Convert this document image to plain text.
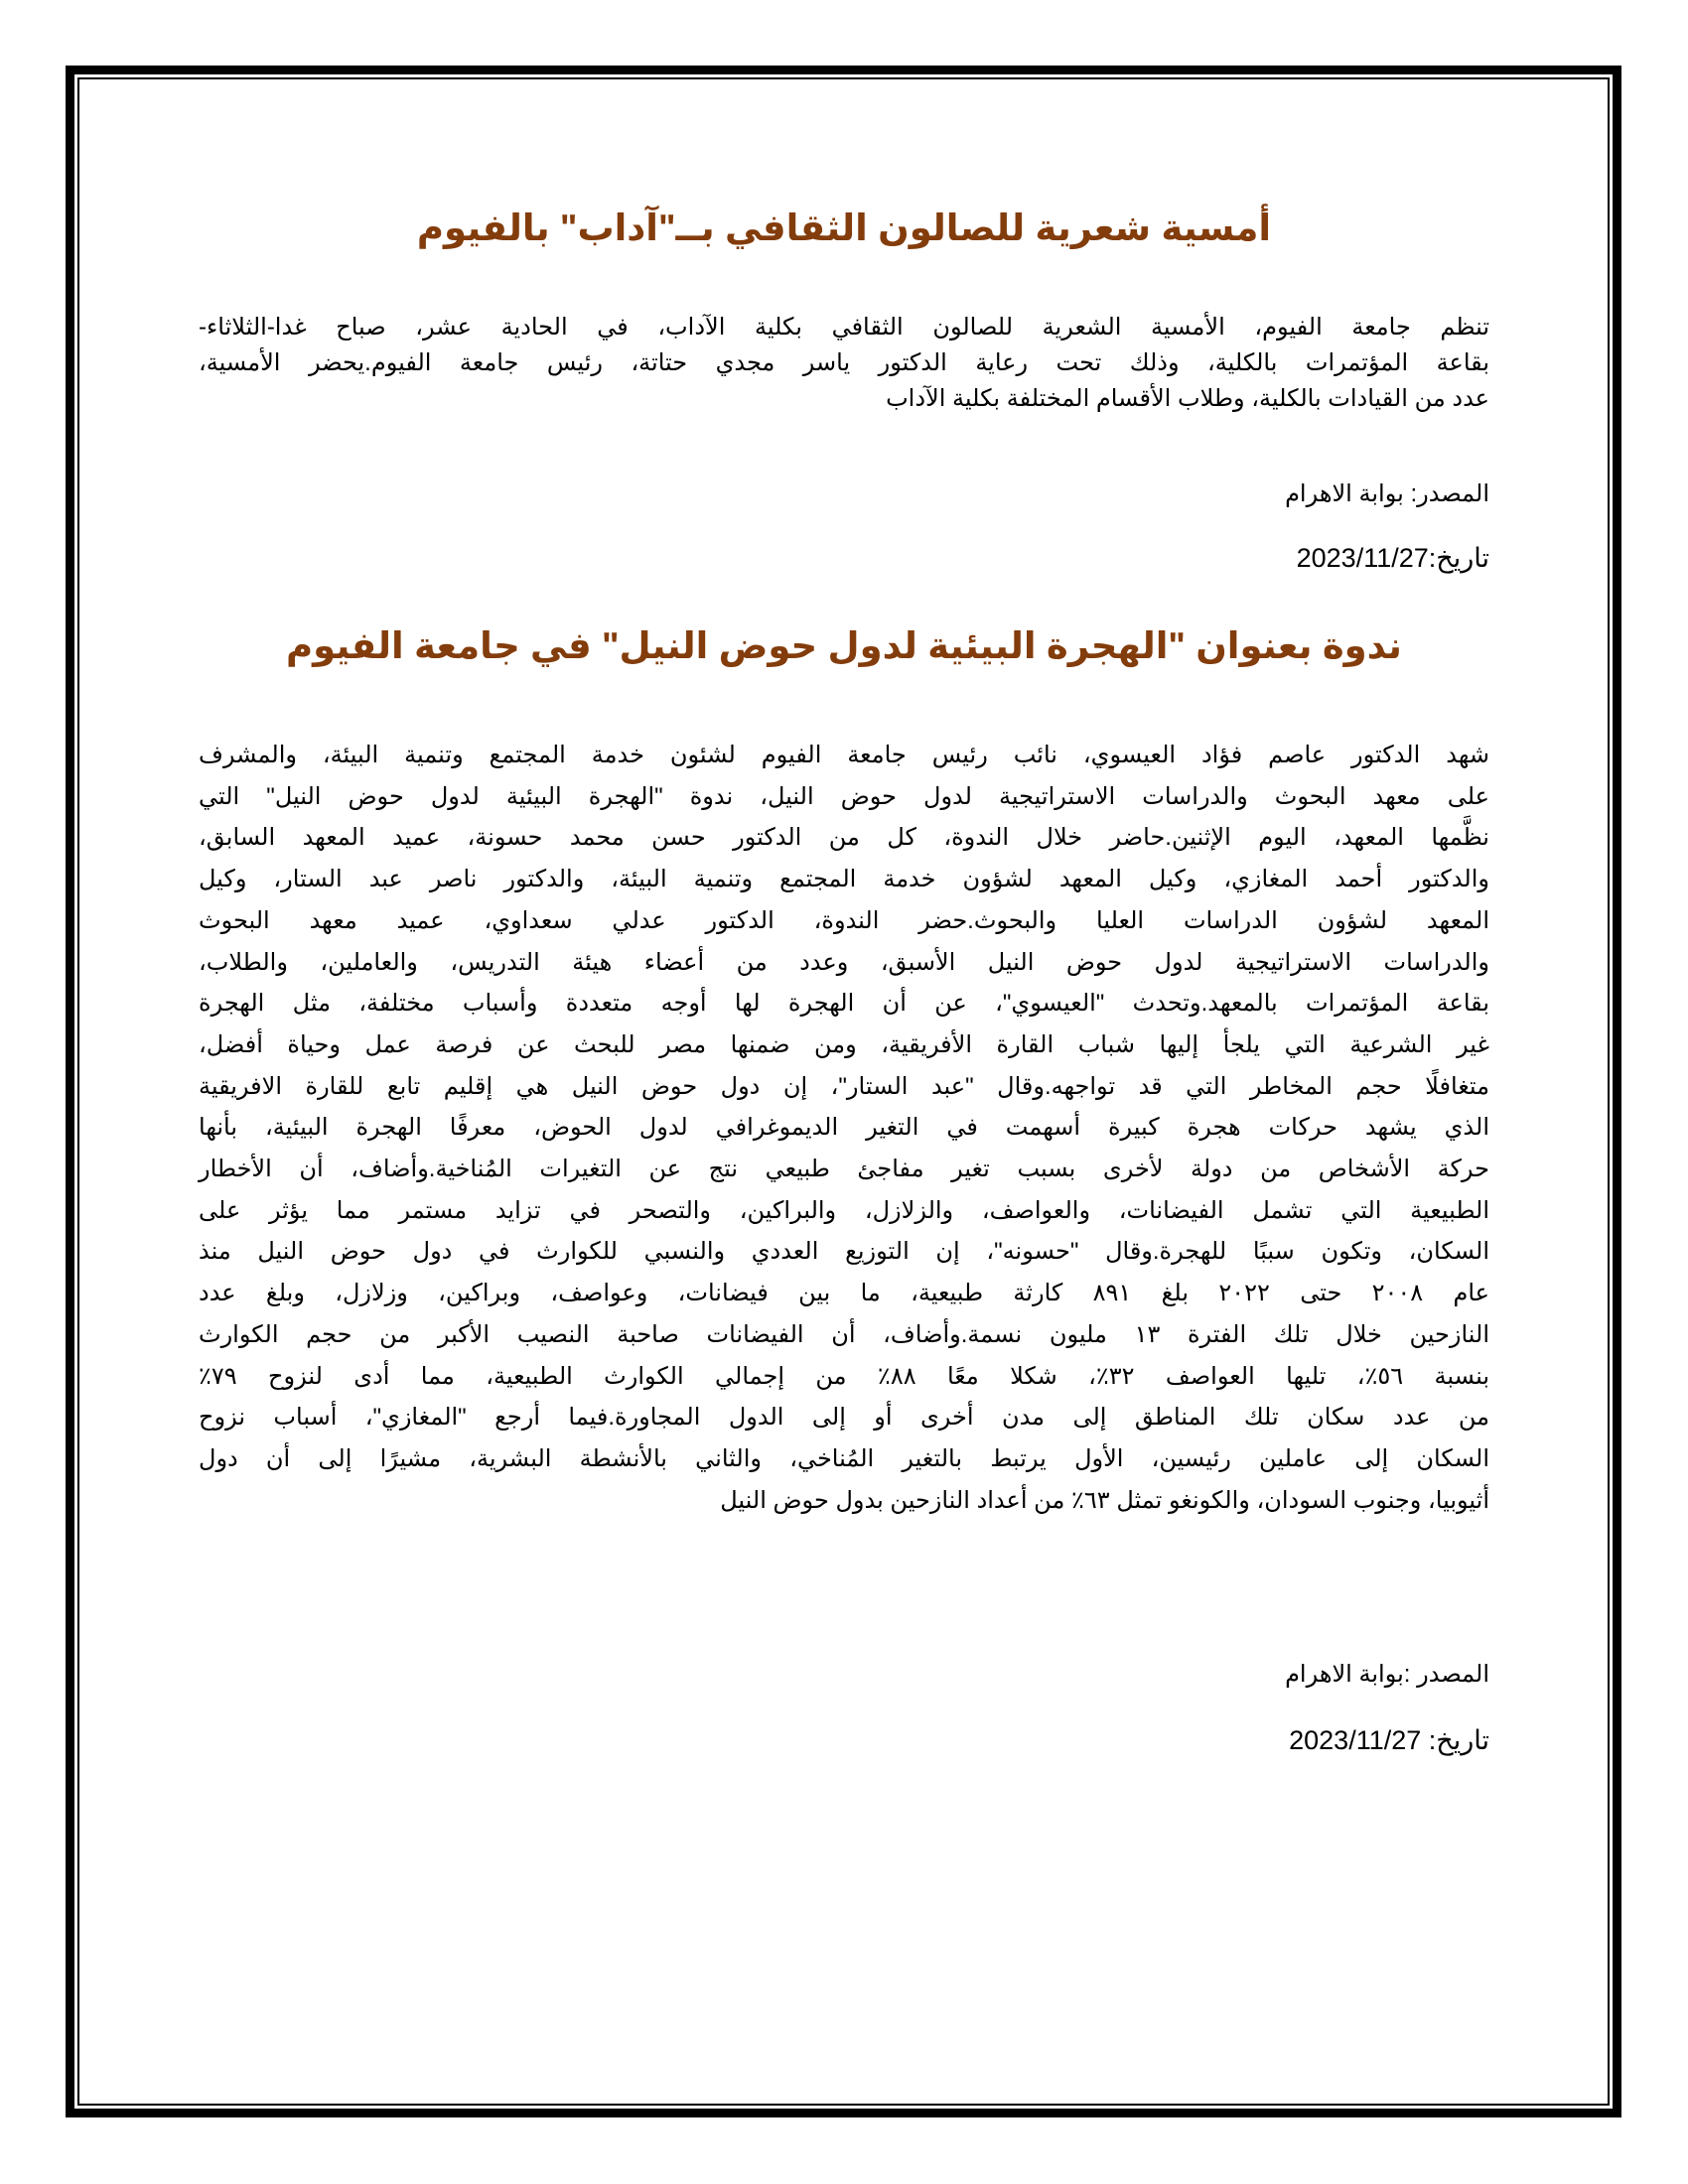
أمسية شعرية للصالون الثقافي بــ"آداب" بالفيوم
تنظم جامعة الفيوم، الأمسية الشعرية للصالون الثقافي بكلية الآداب، في الحادية عشر، صباح غدا-الثلاثاء-
بقاعة المؤتمرات بالكلية، وذلك تحت رعاية الدكتور ياسر مجدي حتاتة، رئيس جامعة الفيوم.يحضر الأمسية،
عدد من القيادات بالكلية، وطلاب الأقسام المختلفة بكلية الآداب
المصدر: بوابة الاهرام
تاريخ:2023/11/27
ندوة بعنوان "الهجرة البيئية لدول حوض النيل" في جامعة الفيوم
شهد الدكتور عاصم فؤاد العيسوي، نائب رئيس جامعة الفيوم لشئون خدمة المجتمع وتنمية البيئة، والمشرف
على معهد البحوث والدراسات الاستراتيجية لدول حوض النيل، ندوة "الهجرة البيئية لدول حوض النيل" التي
نظَّمها المعهد، اليوم الإثنين.حاضر خلال الندوة، كل من الدكتور حسن محمد حسونة، عميد المعهد السابق،
والدكتور أحمد المغازي، وكيل المعهد لشؤون خدمة المجتمع وتنمية البيئة، والدكتور ناصر عبد الستار، وكيل
المعهد لشؤون الدراسات العليا والبحوث.حضر الندوة، الدكتور عدلي سعداوي، عميد معهد البحوث
والدراسات الاستراتيجية لدول حوض النيل الأسبق، وعدد من أعضاء هيئة التدريس، والعاملين، والطلاب،
بقاعة المؤتمرات بالمعهد.وتحدث "العيسوي"، عن أن الهجرة لها أوجه متعددة وأسباب مختلفة، مثل الهجرة
غير الشرعية التي يلجأ إليها شباب القارة الأفريقية، ومن ضمنها مصر للبحث عن فرصة عمل وحياة أفضل،
متغافلًا حجم المخاطر التي قد تواجهه.وقال "عبد الستار"، إن دول حوض النيل هي إقليم تابع للقارة الافريقية
الذي يشهد حركات هجرة كبيرة أسهمت في التغير الديموغرافي لدول الحوض، معرفًا الهجرة البيئية، بأنها
حركة الأشخاص من دولة لأخرى بسبب تغير مفاجئ طبيعي نتج عن التغيرات المُناخية.وأضاف، أن الأخطار
الطبيعية التي تشمل الفيضانات، والعواصف، والزلازل، والبراكين، والتصحر في تزايد مستمر مما يؤثر على
السكان، وتكون سببًا للهجرة.وقال "حسونه"، إن التوزيع العددي والنسبي للكوارث في دول حوض النيل منذ
عام ٢٠٠٨ حتى ٢٠٢٢ بلغ ٨٩١ كارثة طبيعية، ما بين فيضانات، وعواصف، وبراكين، وزلازل، وبلغ عدد
النازحين خلال تلك الفترة ١٣ مليون نسمة.وأضاف، أن الفيضانات صاحبة النصيب الأكبر من حجم الكوارث
بنسبة ٥٦٪، تليها العواصف ٣٢٪، شكلا معًا ٨٨٪ من إجمالي الكوارث الطبيعية، مما أدى لنزوح ٧٩٪
من عدد سكان تلك المناطق إلى مدن أخرى أو إلى الدول المجاورة.فيما أرجع "المغازي"، أسباب نزوح
السكان إلى عاملين رئيسين، الأول يرتبط بالتغير المُناخي، والثاني بالأنشطة البشرية، مشيرًا إلى أن دول
أثيوبيا، وجنوب السودان، والكونغو تمثل ٦٣٪ من أعداد النازحين بدول حوض النيل
المصدر :بوابة الاهرام
تاريخ: 2023/11/27
